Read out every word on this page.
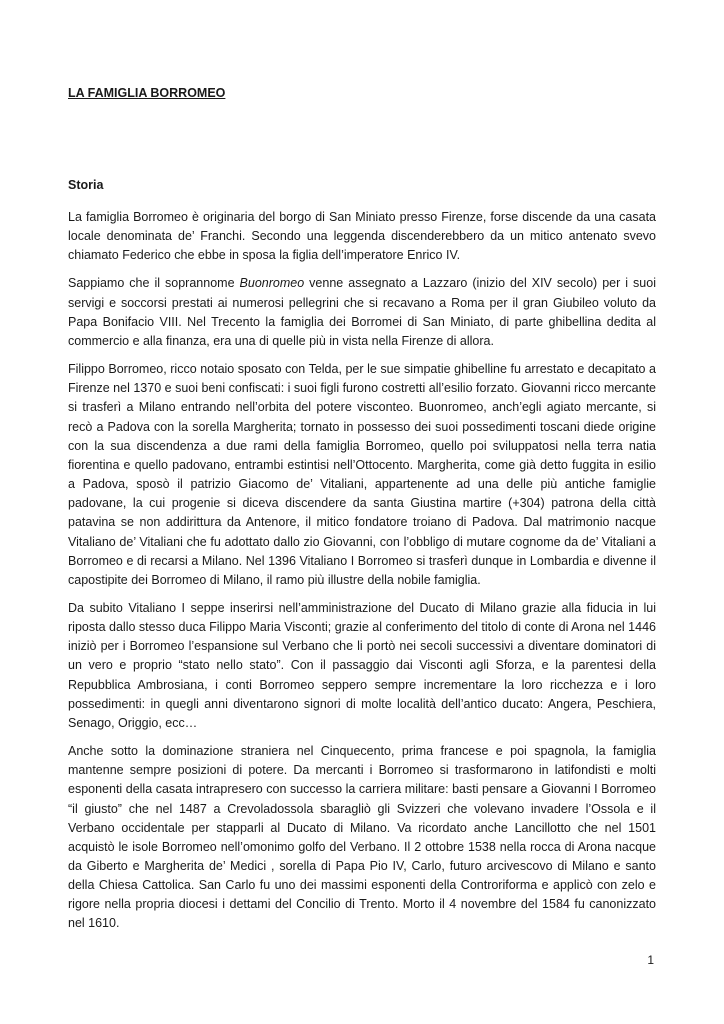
LA FAMIGLIA BORROMEO
Storia

La famiglia Borromeo è originaria del borgo di San Miniato presso Firenze, forse discende da una casata locale denominata de’ Franchi. Secondo una leggenda discenderebbero da un mitico antenato svevo chiamato Federico che ebbe in sposa la figlia dell’imperatore Enrico IV.

Sappiamo che il soprannome Buonromeo venne assegnato a Lazzaro (inizio del XIV secolo) per i suoi servigi e soccorsi prestati ai numerosi pellegrini che si recavano a Roma per il gran Giubileo voluto da Papa Bonifacio VIII. Nel Trecento la famiglia dei Borromei di San Miniato, di parte ghibellina dedita al commercio e alla finanza, era una di quelle più in vista nella Firenze di allora.

Filippo Borromeo, ricco notaio sposato con Telda, per le sue simpatie ghibelline fu arrestato e decapitato a Firenze nel 1370 e suoi beni confiscati: i suoi figli furono costretti all’esilio forzato. Giovanni ricco mercante si trasferì a Milano entrando nell’orbita del potere visconteo. Buonromeo, anch’egli agiato mercante, si recò a Padova con la sorella Margherita; tornato in possesso dei suoi possedimenti toscani diede origine con la sua discendenza a due rami della famiglia Borromeo, quello poi sviluppatosi nella terra natia fiorentina e quello padovano, entrambi estintisi nell’Ottocento. Margherita, come già detto fuggita in esilio a Padova, sposò il patrizio Giacomo de’ Vitaliani, appartenente ad una delle più antiche famiglie padovane, la cui progenie si diceva discendere da santa Giustina martire (+304) patrona della città patavina se non addirittura da Antenore, il mitico fondatore troiano di Padova. Dal matrimonio nacque Vitaliano de’ Vitaliani che fu adottato dallo zio Giovanni, con l’obbligo di mutare cognome da de’ Vitaliani a Borromeo e di recarsi a Milano. Nel 1396 Vitaliano I Borromeo si trasferì dunque in Lombardia e divenne il capostipite dei Borromeo di Milano, il ramo più illustre della nobile famiglia.

Da subito Vitaliano I seppe inserirsi nell’amministrazione del Ducato di Milano grazie alla fiducia in lui riposta dallo stesso duca Filippo Maria Visconti; grazie al conferimento del titolo di conte di Arona nel 1446 iniziò per i Borromeo l’espansione sul Verbano che li portò nei secoli successivi a diventare dominatori di un vero e proprio “stato nello stato”. Con il passaggio dai Visconti agli Sforza, e la parentesi della Repubblica Ambrosiana, i conti Borromeo seppero sempre incrementare la loro ricchezza e i loro possedimenti: in quegli anni diventarono signori di molte località dell’antico ducato: Angera, Peschiera, Senago, Origgio, ecc…

Anche sotto la dominazione straniera nel Cinquecento, prima francese e poi spagnola, la famiglia mantenne sempre posizioni di potere. Da mercanti i Borromeo si trasformarono in latifondisti e molti esponenti della casata intrapresero con successo la carriera militare: basti pensare a Giovanni I Borromeo “il giusto” che nel 1487 a Crevoladossola sbaragliò gli Svizzeri che volevano invadere l’Ossola e il Verbano occidentale per stapparli al Ducato di Milano. Va ricordato anche Lancillotto che nel 1501 acquistò le isole Borromeo nell’omonimo golfo del Verbano. Il 2 ottobre 1538 nella rocca di Arona nacque da Giberto e Margherita de’ Medici , sorella di Papa Pio IV, Carlo, futuro arcivescovo di Milano e santo della Chiesa Cattolica. San Carlo fu uno dei massimi esponenti della Controriforma e applicò con zelo e rigore nella propria diocesi i dettami del Concilio di Trento. Morto il 4 novembre del 1584 fu canonizzato nel 1610.

1
